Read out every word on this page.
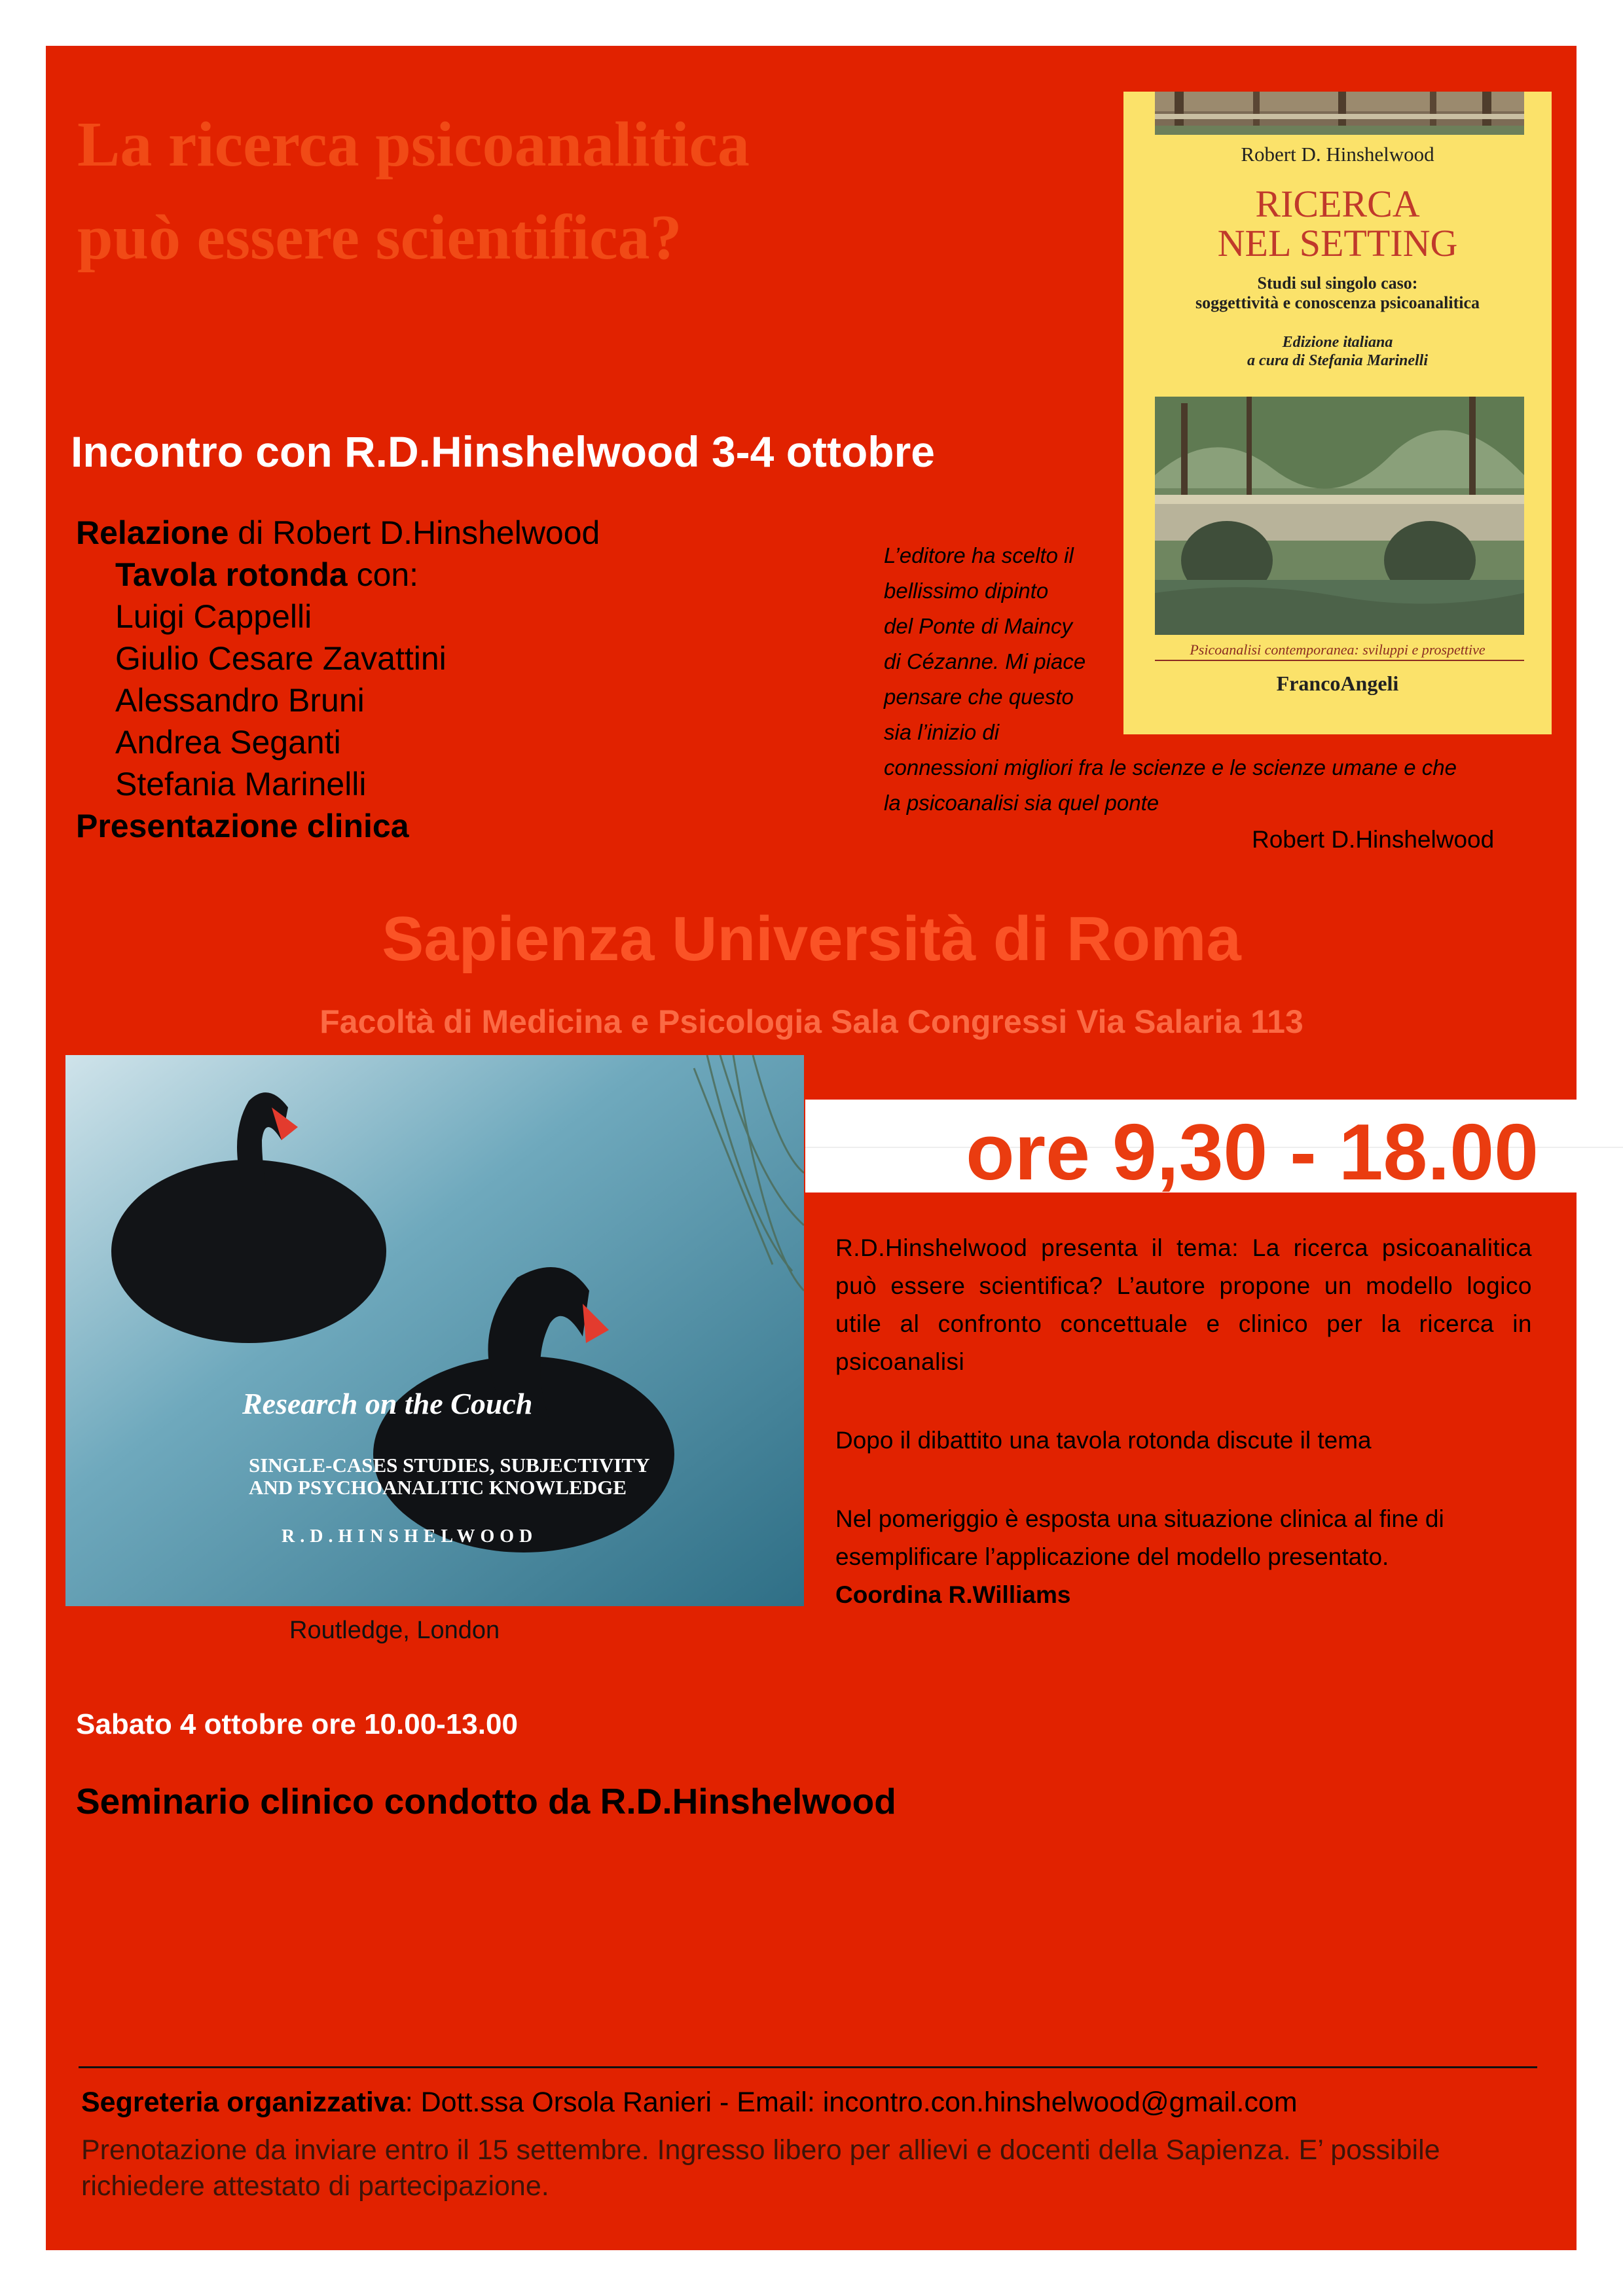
La ricerca psicoanalitica può essere scientifica?
Incontro con R.D.Hinshelwood 3-4 ottobre
Relazione di Robert D.Hinshelwood
Tavola rotonda con:
Luigi Cappelli
Giulio Cesare Zavattini
Alessandro Bruni
Andrea Seganti
Stefania Marinelli
Presentazione clinica
L’editore ha scelto il
bellissimo dipinto
del Ponte di Maincy
di Cézanne. Mi piace
pensare che questo
sia l’inizio di
connessioni migliori fra le scienze e le scienze umane e che
la psicoanalisi sia quel ponte
Robert D.Hinshelwood
Robert D. Hinshelwood
RICERCA
NEL SETTING
Studi sul singolo caso:
soggettività e conoscenza psicoanalitica
Edizione italiana
a cura di Stefania Marinelli
Psicoanalisi contemporanea: sviluppi e prospettive
FrancoAngeli
Sapienza Università di Roma
Facoltà di Medicina e Psicologia Sala Congressi Via Salaria 113
ore 9,30 - 18.00
Research on the Couch
SINGLE-CASES STUDIES, SUBJECTIVITY
AND PSYCHOANALITIC KNOWLEDGE
R.D.HINSHELWOOD
Routledge, London

R.D.Hinshelwood presenta il tema: La ricerca psicoanalitica può essere scientifica? L’autore propone un modello logico utile al confronto concettuale e clinico per la ricerca in psicoanalisi

Dopo il dibattito una tavola rotonda discute il tema

Nel pomeriggio è esposta una situazione clinica al fine di esemplificare l’applicazione del modello presentato.

Coordina R.Williams

Sabato 4 ottobre ore 10.00-13.00
Seminario clinico condotto da R.D.Hinshelwood
Segreteria organizzativa: Dott.ssa Orsola Ranieri - Email: incontro.con.hinshelwood@gmail.com
Prenotazione da inviare entro il 15 settembre. Ingresso libero per allievi e docenti della Sapienza. E’ possibile richiedere attestato di partecipazione.
